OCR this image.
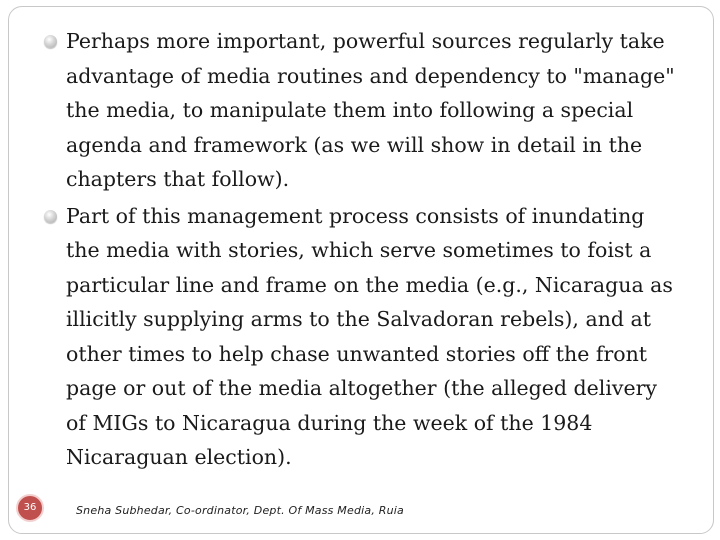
Perhaps more important, powerful sources regularly take advantage of media routines and dependency to "manage" the media, to manipulate them into following a special agenda and framework (as we will show in detail in the chapters that follow).
Part of this management process consists of inundating the media with stories, which serve sometimes to foist a particular line and frame on the media (e.g., Nicaragua as illicitly supplying arms to the Salvadoran rebels), and at other times to help chase unwanted stories off the front page or out of the media altogether (the alleged delivery of MIGs to Nicaragua during the week of the 1984 Nicaraguan election).
36	Sneha Subhedar, Co-ordinator, Dept. Of Mass Media, Ruia
